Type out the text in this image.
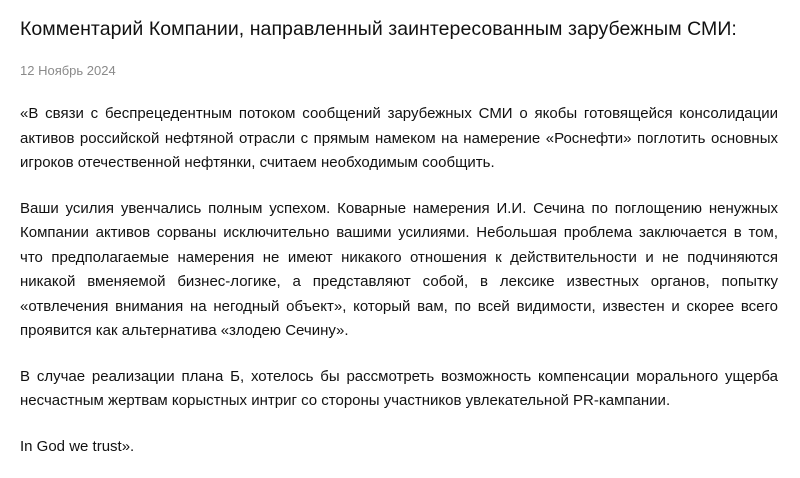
Комментарий Компании, направленный заинтересованным зарубежным СМИ:
12 Ноябрь 2024

«В связи с беспрецедентным потоком сообщений зарубежных СМИ о якобы готовящейся консолидации активов российской нефтяной отрасли с прямым намеком на намерение «Роснефти» поглотить основных игроков отечественной нефтянки, считаем необходимым сообщить.

Ваши усилия увенчались полным успехом. Коварные намерения И.И. Сечина по поглощению ненужных Компании активов сорваны исключительно вашими усилиями. Небольшая проблема заключается в том, что предполагаемые намерения не имеют никакого отношения к действительности и не подчиняются никакой вменяемой бизнес-логике, а представляют собой, в лексике известных органов, попытку «отвлечения внимания на негодный объект», который вам, по всей видимости, известен и скорее всего проявится как альтернатива «злодею Сечину».

В случае реализации плана Б, хотелось бы рассмотреть возможность компенсации морального ущерба несчастным жертвам корыстных интриг со стороны участников увлекательной PR-кампании.

In God we trust».
